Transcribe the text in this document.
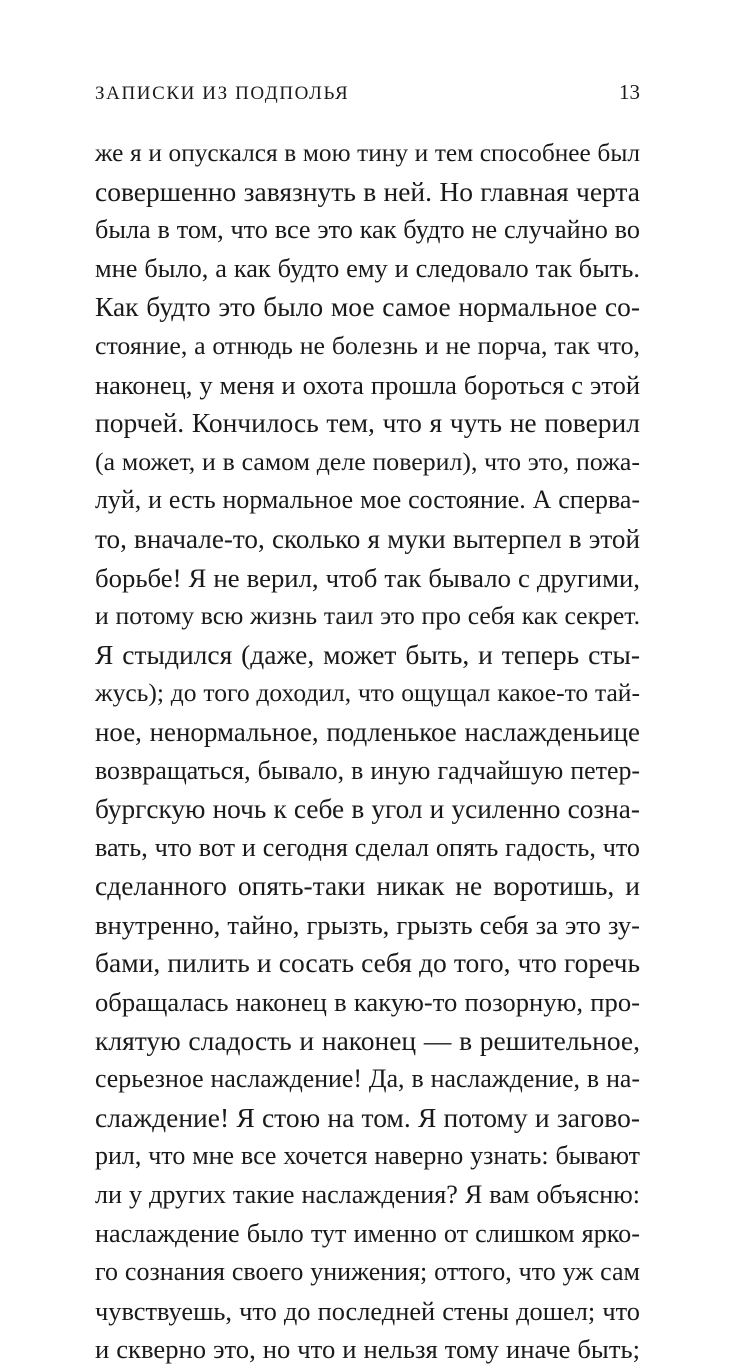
ЗАПИСКИ ИЗ ПОДПОЛЬЯ	13
же я и опускался в мою тину и тем способнее был
совершенно завязнуть в ней. Но главная черта
была в том, что все это как будто не случайно во
мне было, а как будто ему и следовало так быть.
Как будто это было мое самое нормальное со-
стояние, а отнюдь не болезнь и не порча, так что,
наконец, у меня и охота прошла бороться с этой
порчей. Кончилось тем, что я чуть не поверил
(а может, и в самом деле поверил), что это, пожа-
луй, и есть нормальное мое состояние. А сперва-
то, вначале-то, сколько я муки вытерпел в этой
борьбе! Я не верил, чтоб так бывало с другими,
и потому всю жизнь таил это про себя как секрет.
Я стыдился (даже, может быть, и теперь сты-
жусь); до того доходил, что ощущал какое-то тай-
ное, ненормальное, подленькое наслажденьице
возвращаться, бывало, в иную гадчайшую петер-
бургскую ночь к себе в угол и усиленно созна-
вать, что вот и сегодня сделал опять гадость, что
сделанного опять-таки никак не воротишь, и
внутренно, тайно, грызть, грызть себя за это зу-
бами, пилить и сосать себя до того, что горечь
обращалась наконец в какую-то позорную, про-
клятую сладость и наконец — в решительное,
серьезное наслаждение! Да, в наслаждение, в на-
слаждение! Я стою на том. Я потому и загово-
рил, что мне все хочется наверно узнать: бывают
ли у других такие наслаждения? Я вам объясню:
наслаждение было тут именно от слишком ярко-
го сознания своего унижения; оттого, что уж сам
чувствуешь, что до последней стены дошел; что
и скверно это, но что и нельзя тому иначе быть;
